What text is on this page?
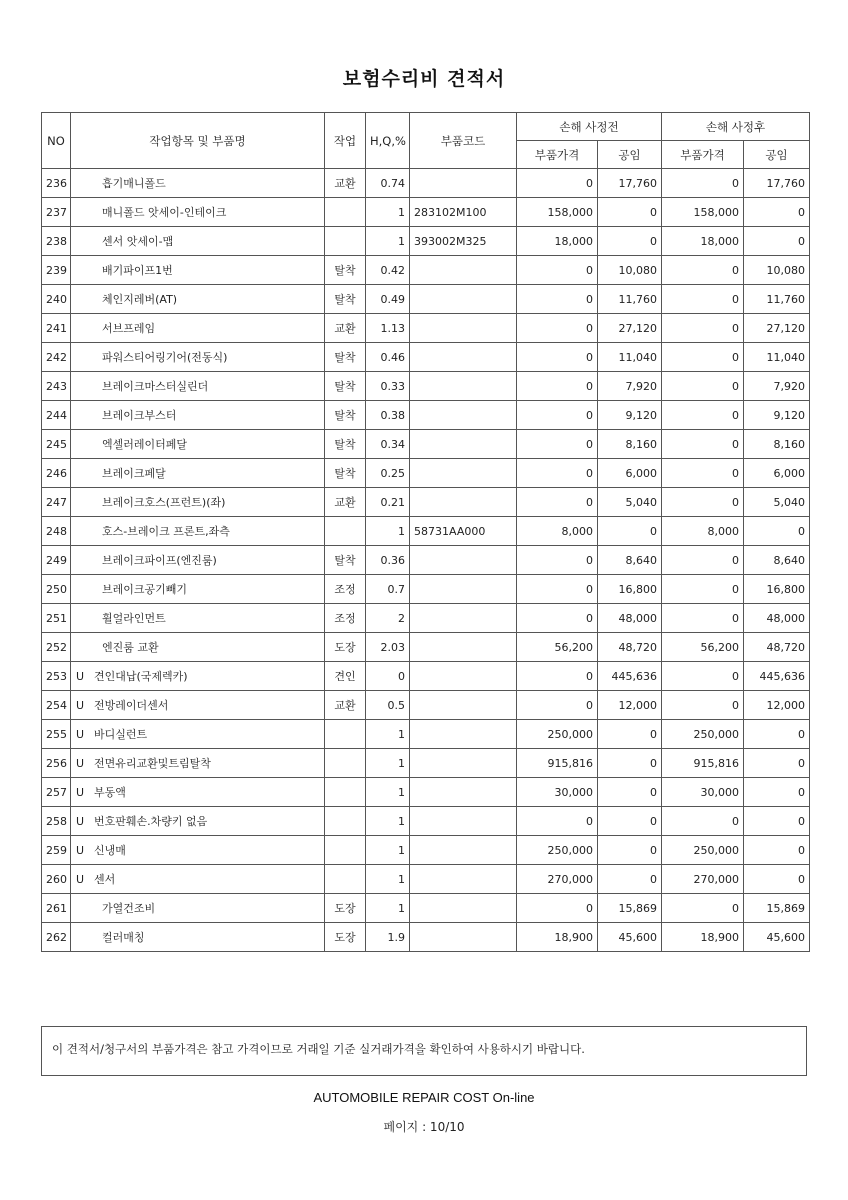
보험수리비 견적서
NO	작업항목 및 부품명	작업	H,Q,%	부품코드	손해 사정전		손해 사정후	
					부품가격	공임	부품가격	공임
236	흡기매니폴드	교환	0.74		0	17,760	0	17,760
237	매니폴드 앗세이-인테이크		1	283102M100	158,000	0	158,000	0
238	센서 앗세이-맵		1	393002M325	18,000	0	18,000	0
239	배기파이프1번	탈착	0.42		0	10,080	0	10,080
240	체인지레버(AT)	탈착	0.49		0	11,760	0	11,760
241	서브프레임	교환	1.13		0	27,120	0	27,120
242	파워스티어링기어(전동식)	탈착	0.46		0	11,040	0	11,040
243	브레이크마스터실린더	탈착	0.33		0	7,920	0	7,920
244	브레이크부스터	탈착	0.38		0	9,120	0	9,120
245	엑셀러레이터페달	탈착	0.34		0	8,160	0	8,160
246	브레이크페달	탈착	0.25		0	6,000	0	6,000
247	브레이크호스(프런트)(좌)	교환	0.21		0	5,040	0	5,040
248	호스-브레이크 프론트,좌측		1	58731AA000	8,000	0	8,000	0
249	브레이크파이프(엔진룸)	탈착	0.36		0	8,640	0	8,640
250	브레이크공기빼기	조정	0.7		0	16,800	0	16,800
251	휠얼라인먼트	조정	2		0	48,000	0	48,000
252	엔진룸 교환	도장	2.03		56,200	48,720	56,200	48,720
253	U 견인대납(국제렉카)	견인	0		0	445,636	0	445,636
254	U 전방레이더센서	교환	0.5		0	12,000	0	12,000
255	U 바디실런트		1		250,000	0	250,000	0
256	U 전면유리교환및트림탈착		1		915,816	0	915,816	0
257	U 부동액		1		30,000	0	30,000	0
258	U 번호판훼손.차량키 없음		1		0	0	0	0
259	U 신냉매		1		250,000	0	250,000	0
260	U 센서		1		270,000	0	270,000	0
261	가열건조비	도장	1		0	15,869	0	15,869
262	컬러매칭	도장	1.9		18,900	45,600	18,900	45,600
이 견적서/청구서의 부품가격은 참고 가격이므로 거래일 기준 실거래가격을 확인하여 사용하시기 바랍니다.
AUTOMOBILE REPAIR COST On-line
페이지 : 10/10
